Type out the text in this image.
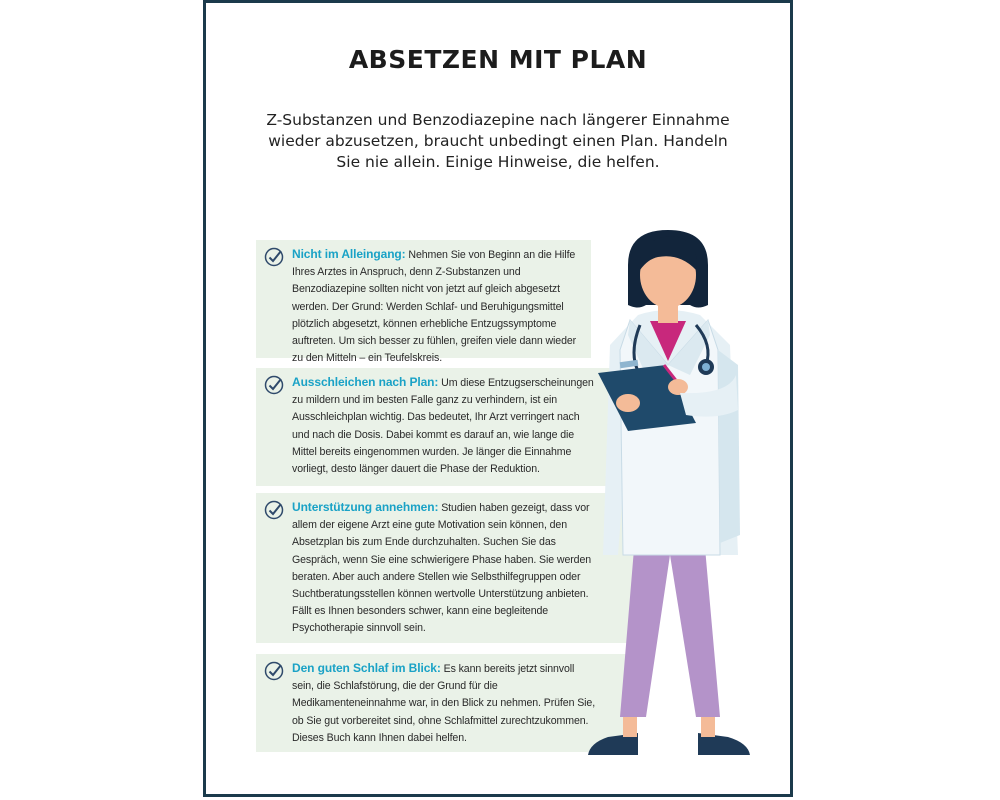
ABSETZEN MIT PLAN
Z-Substanzen und Benzodiazepine nach längerer Einnahme wieder abzusetzen, braucht unbedingt einen Plan. Handeln Sie nie allein. Einige Hinweise, die helfen.

Nicht im Alleingang: Nehmen Sie von Beginn an die Hilfe Ihres Arztes in Anspruch, denn Z-Substanzen und Benzodiazepine sollten nicht von jetzt auf gleich abgesetzt werden. Der Grund: Werden Schlaf- und Beruhigungsmittel plötzlich abgesetzt, können erhebliche Entzugssymptome auftreten. Um sich besser zu fühlen, greifen viele dann wieder zu den Mitteln – ein Teufelskreis.

Ausschleichen nach Plan: Um diese Entzugserscheinungen zu mildern und im besten Falle ganz zu verhindern, ist ein Ausschleichplan wichtig. Das bedeutet, Ihr Arzt verringert nach und nach die Dosis. Dabei kommt es darauf an, wie lange die Mittel bereits eingenommen wurden. Je länger die Einnahme vorliegt, desto länger dauert die Phase der Reduktion.

Unterstützung annehmen: Studien haben gezeigt, dass vor allem der eigene Arzt eine gute Motivation sein können, den Absetzplan bis zum Ende durchzuhalten. Suchen Sie das Gespräch, wenn Sie eine schwierigere Phase haben. Sie werden beraten. Aber auch andere Stellen wie Selbsthilfegruppen oder Suchtberatungsstellen können wertvolle Unterstützung anbieten. Fällt es Ihnen besonders schwer, kann eine begleitende Psychotherapie sinnvoll sein.

Den guten Schlaf im Blick: Es kann bereits jetzt sinnvoll sein, die Schlafstörung, die der Grund für die Medikamenteneinnahme war, in den Blick zu nehmen. Prüfen Sie, ob Sie gut vorbereitet sind, ohne Schlafmittel zurechtzukommen. Dieses Buch kann Ihnen dabei helfen.
